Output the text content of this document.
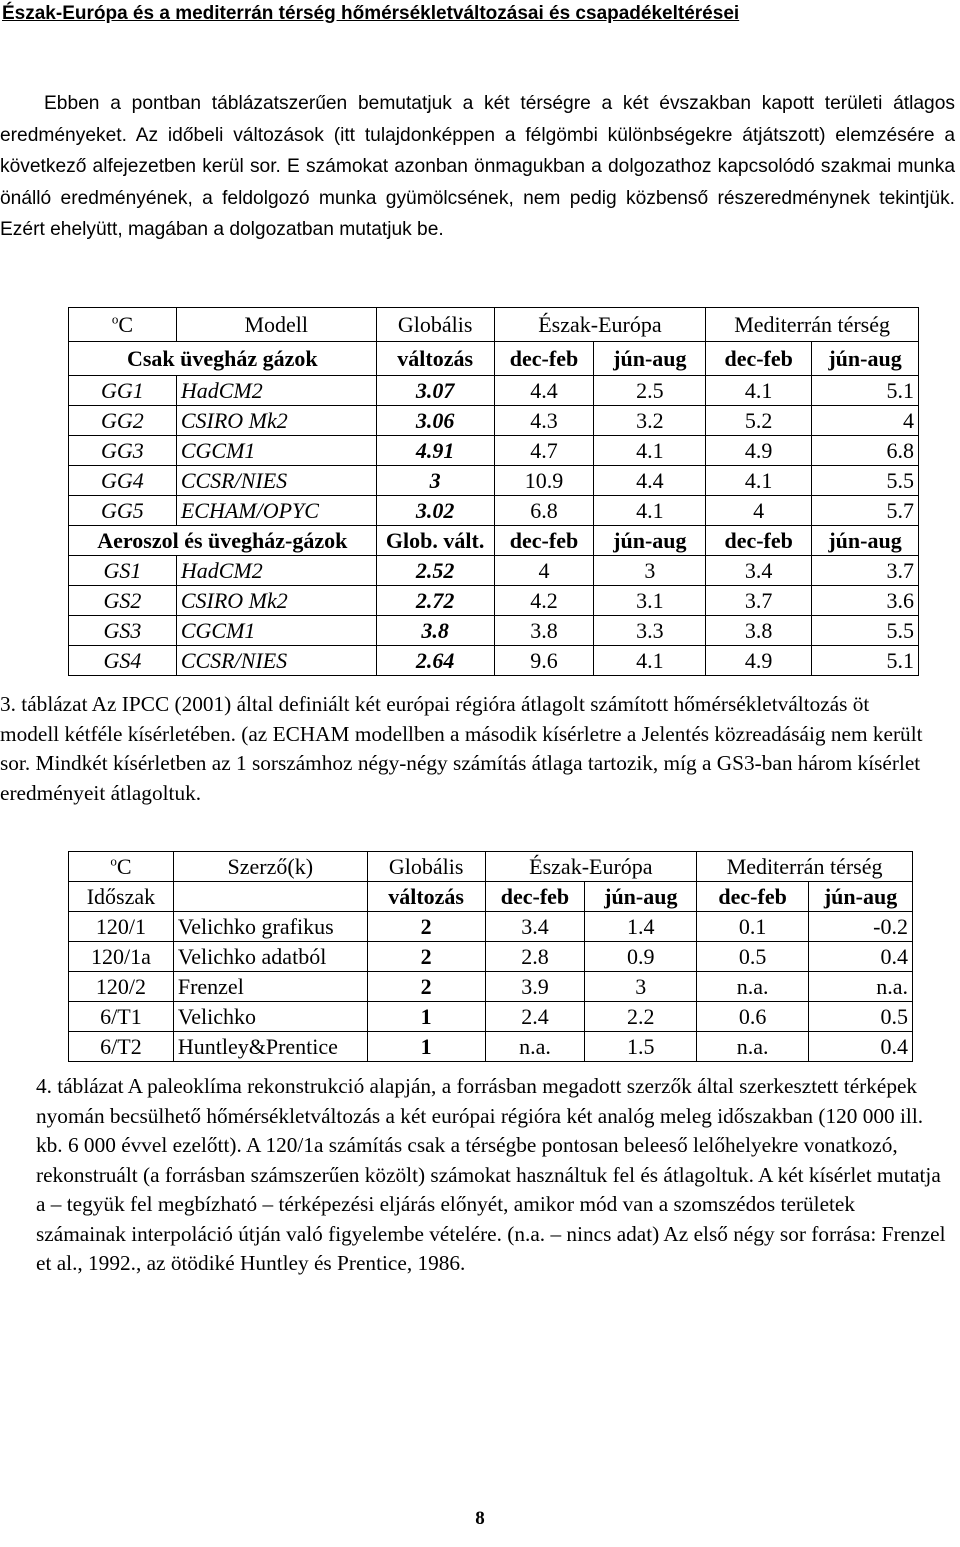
Észak-Európa és a mediterrán térség hőmérsékletváltozásai és csapadékeltérései

Ebben a pontban táblázatszerűen bemutatjuk a két térségre a két évszakban kapott területi átlagos eredményeket. Az időbeli változások (itt tulajdonképpen a félgömbi különbségekre átjátszott) elemzésére a következő alfejezetben kerül sor. E számokat azonban önmagukban a dolgozathoz kapcsolódó szakmai munka önálló eredményének, a feldolgozó munka gyümölcsének, nem pedig közbenső részeredménynek tekintjük. Ezért ehelyütt, magában a dolgozatban mutatjuk be.

$^o$C	Modell	Globális	Észak-Európa		Mediterrán térség	
Csak üvegház gázok		változás	dec-feb	jún-aug	dec-feb	jún-aug
GG1	HadCM2	3.07	4.4	2.5	4.1	5.1
GG2	CSIRO Mk2	3.06	4.3	3.2	5.2	4
GG3	CGCM1	4.91	4.7	4.1	4.9	6.8
GG4	CCSR/NIES	3	10.9	4.4	4.1	5.5
GG5	ECHAM/OPYC	3.02	6.8	4.1	4	5.7
Aeroszol és üvegház-gázok		Glob. vált.	dec-feb	jún-aug	dec-feb	jún-aug
GS1	HadCM2	2.52	4	3	3.4	3.7
GS2	CSIRO Mk2	2.72	4.2	3.1	3.7	3.6
GS3	CGCM1	3.8	3.8	3.3	3.8	5.5
GS4	CCSR/NIES	2.64	9.6	4.1	4.9	5.1

3. táblázat Az IPCC (2001) által definiált két európai régióra átlagolt számított hőmérsékletváltozás öt modell kétféle kísérletében. (az ECHAM modellben a második kísérletre a Jelentés közreadásáig nem került sor. Mindkét kísérletben az 1 sorszámhoz négy-négy számítás átlaga tartozik, míg a GS3-ban három kísérlet eredményeit átlagoltuk.

$^o$C	Szerző(k)	Globális	Észak-Európa		Mediterrán térség	
Időszak		változás	dec-feb	jún-aug	dec-feb	jún-aug
120/1	Velichko grafikus	2	3.4	1.4	0.1	-0.2
120/1a	Velichko adatból	2	2.8	0.9	0.5	0.4
120/2	Frenzel	2	3.9	3	n.a.	n.a.
6/T1	Velichko	1	2.4	2.2	0.6	0.5
6/T2	Huntley&Prentice	1	n.a.	1.5	n.a.	0.4

4. táblázat A paleoklíma rekonstrukció alapján, a forrásban megadott szerzők által szerkesztett térképek nyomán becsülhető hőmérsékletváltozás a két európai régióra két analóg meleg időszakban (120 000 ill. kb. 6 000 évvel ezelőtt). A 120/1a számítás csak a térségbe pontosan beleeső lelőhelyekre vonatkozó, rekonstruált (a forrásban számszerűen közölt) számokat használtuk fel és átlagoltuk. A két kísérlet mutatja a – tegyük fel megbízható – térképezési eljárás előnyét, amikor mód van a szomszédos területek számainak interpoláció útján való figyelembe vételére. (n.a. – nincs adat) Az első négy sor forrása: Frenzel et al., 1992., az ötödiké Huntley és Prentice, 1986.

8
